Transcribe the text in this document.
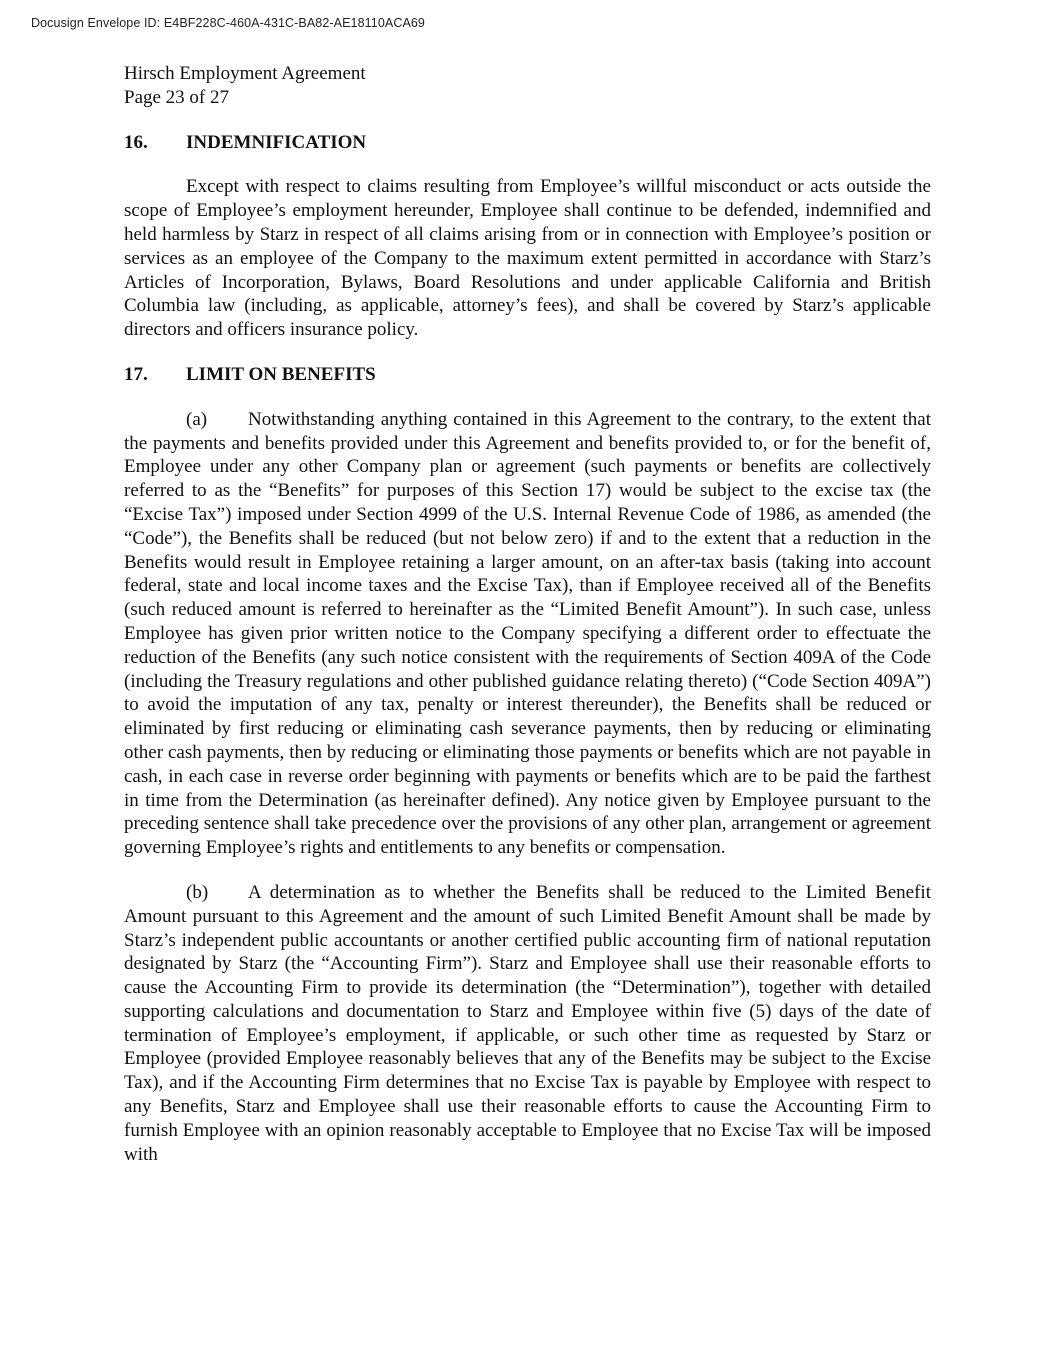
Docusign Envelope ID: E4BF228C-460A-431C-BA82-AE18110ACA69
Hirsch Employment Agreement
Page 23 of 27
16.	INDEMNIFICATION

Except with respect to claims resulting from Employee’s willful misconduct or acts outside the scope of Employee’s employment hereunder, Employee shall continue to be defended, indemnified and held harmless by Starz in respect of all claims arising from or in connection with Employee’s position or services as an employee of the Company to the maximum extent permitted in accordance with Starz’s Articles of Incorporation, Bylaws, Board Resolutions and under applicable California and British Columbia law (including, as applicable, attorney’s fees), and shall be covered by Starz’s applicable directors and officers insurance policy.

17.	LIMIT ON BENEFITS

(a) Notwithstanding anything contained in this Agreement to the contrary, to the extent that the payments and benefits provided under this Agreement and benefits provided to, or for the benefit of, Employee under any other Company plan or agreement (such payments or benefits are collectively referred to as the “Benefits” for purposes of this Section 17) would be subject to the excise tax (the “Excise Tax”) imposed under Section 4999 of the U.S. Internal Revenue Code of 1986, as amended (the “Code”), the Benefits shall be reduced (but not below zero) if and to the extent that a reduction in the Benefits would result in Employee retaining a larger amount, on an after-tax basis (taking into account federal, state and local income taxes and the Excise Tax), than if Employee received all of the Benefits (such reduced amount is referred to hereinafter as the “Limited Benefit Amount”). In such case, unless Employee has given prior written notice to the Company specifying a different order to effectuate the reduction of the Benefits (any such notice consistent with the requirements of Section 409A of the Code (including the Treasury regulations and other published guidance relating thereto) (“Code Section 409A”) to avoid the imputation of any tax, penalty or interest thereunder), the Benefits shall be reduced or eliminated by first reducing or eliminating cash severance payments, then by reducing or eliminating other cash payments, then by reducing or eliminating those payments or benefits which are not payable in cash, in each case in reverse order beginning with payments or benefits which are to be paid the farthest in time from the Determination (as hereinafter defined). Any notice given by Employee pursuant to the preceding sentence shall take precedence over the provisions of any other plan, arrangement or agreement governing Employee’s rights and entitlements to any benefits or compensation.

(b) A determination as to whether the Benefits shall be reduced to the Limited Benefit Amount pursuant to this Agreement and the amount of such Limited Benefit Amount shall be made by Starz’s independent public accountants or another certified public accounting firm of national reputation designated by Starz (the “Accounting Firm”). Starz and Employee shall use their reasonable efforts to cause the Accounting Firm to provide its determination (the “Determination”), together with detailed supporting calculations and documentation to Starz and Employee within five (5) days of the date of termination of Employee’s employment, if applicable, or such other time as requested by Starz or Employee (provided Employee reasonably believes that any of the Benefits may be subject to the Excise Tax), and if the Accounting Firm determines that no Excise Tax is payable by Employee with respect to any Benefits, Starz and Employee shall use their reasonable efforts to cause the Accounting Firm to furnish Employee with an opinion reasonably acceptable to Employee that no Excise Tax will be imposed with
